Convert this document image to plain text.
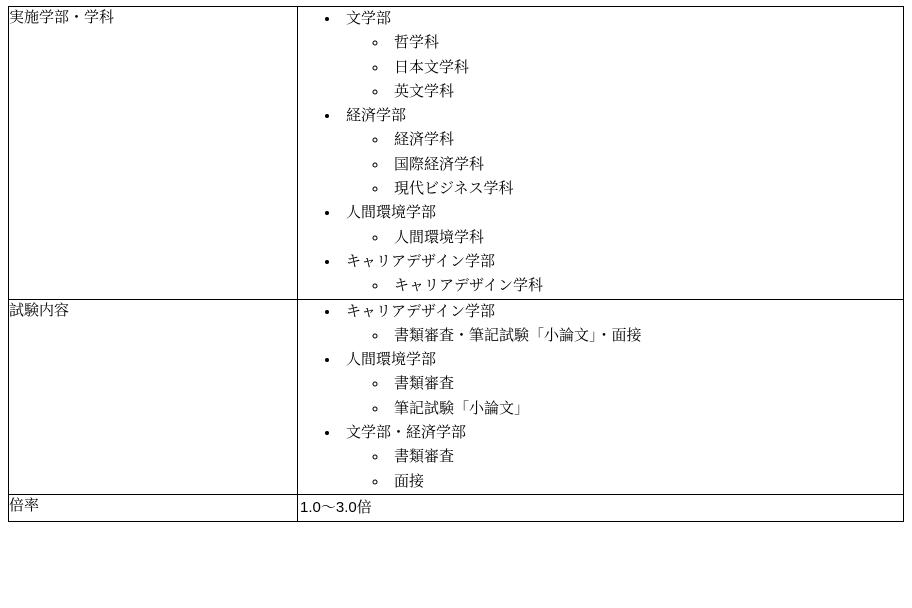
実施学部・学科	
•文学部
◦ 哲学科
◦ 日本文学科
◦ 英文学科
• 経済学部
◦ 経済学科
◦ 国際経済学科
◦ 現代ビジネス学科
• 人間環境学部
◦ 人間環境学科
• キャリアデザイン学部
◦ キャリアデザイン学科

試験内容	
•キャリアデザイン学部
◦ 書類審査・筆記試験「小論文」・面接
• 人間環境学部
◦ 書類審査
◦ 筆記試験「小論文」
• 文学部・経済学部
◦ 書類審査
◦ 面接

倍率	1.0〜3.0倍
